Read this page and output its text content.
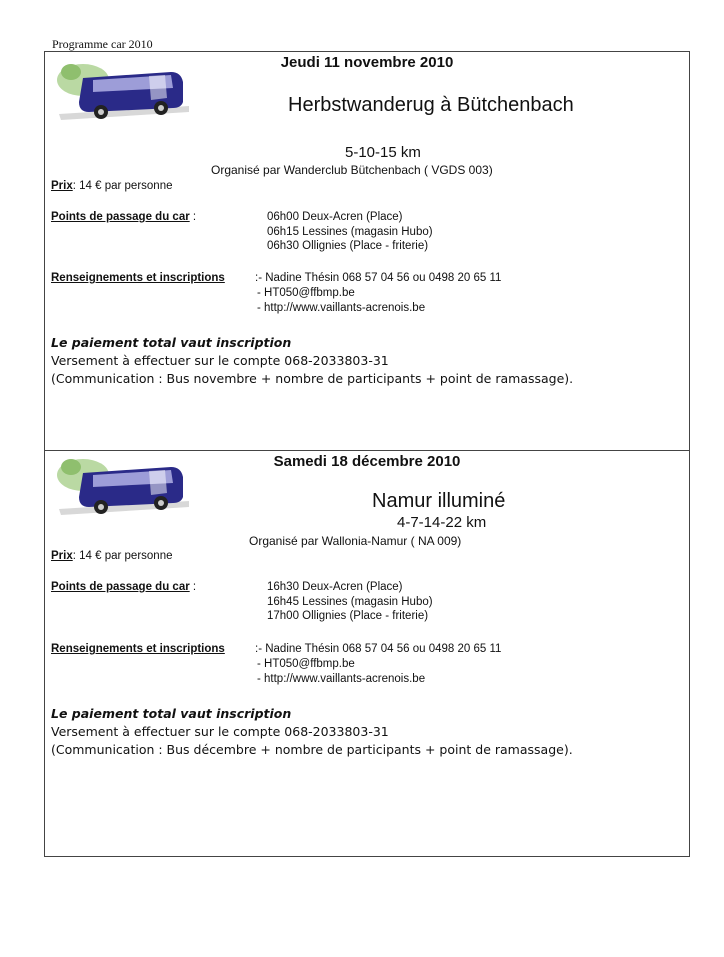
Programme car 2010
Jeudi 11 novembre 2010
Herbstwanderug à Bütchenbach
5-10-15 km
Organisé par Wanderclub Bütchenbach ( VGDS 003)
Prix: 14 € par personne
Points de passage du car :	06h00 Deux-Acren (Place)
06h15 Lessines (magasin Hubo)
06h30 Ollignies (Place - friterie)
Renseignements et inscriptions	:- Nadine Thésin 068 57 04 56 ou 0498 20 65 11
- HT050@ffbmp.be
- http://www.vaillants-acrenois.be
Le paiement total vaut inscription
Versement à effectuer sur le compte 068-2033803-31
(Communication : Bus novembre + nombre de participants + point de ramassage).
Samedi 18 décembre 2010
Namur illuminé
4-7-14-22 km
Organisé par Wallonia-Namur ( NA 009)
Prix: 14 € par personne
Points de passage du car :	16h30 Deux-Acren (Place)
16h45 Lessines (magasin Hubo)
17h00 Ollignies (Place - friterie)
Renseignements et inscriptions	:- Nadine Thésin 068 57 04 56 ou 0498 20 65 11
- HT050@ffbmp.be
- http://www.vaillants-acrenois.be
Le paiement total vaut inscription
Versement à effectuer sur le compte 068-2033803-31
(Communication : Bus décembre + nombre de participants + point de ramassage).
